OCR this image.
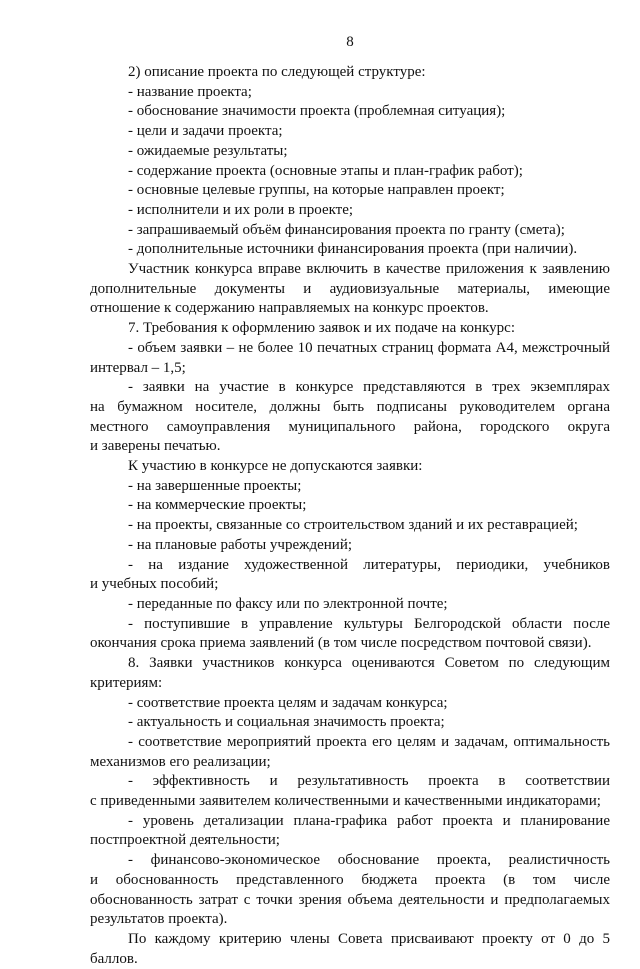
8
2) описание проекта по следующей структуре:
- название проекта;
- обоснование значимости проекта (проблемная ситуация);
- цели и задачи проекта;
- ожидаемые результаты;
- содержание проекта (основные этапы и план-график работ);
- основные целевые группы, на которые направлен проект;
- исполнители и их роли в проекте;
- запрашиваемый объём финансирования проекта по гранту (смета);
- дополнительные источники финансирования проекта (при наличии).
Участник конкурса вправе включить в качестве приложения к заявлению
дополнительные документы и аудиовизуальные материалы, имеющие
отношение к содержанию направляемых на конкурс проектов.
7. Требования к оформлению заявок и их подаче на конкурс:
- объем заявки – не более 10 печатных страниц формата А4, межстрочный
интервал – 1,5;
- заявки на участие в конкурсе представляются в трех экземплярах
на бумажном носителе, должны быть подписаны руководителем органа
местного самоуправления муниципального района, городского округа
и заверены печатью.
К участию в конкурсе не допускаются заявки:
- на завершенные проекты;
- на коммерческие проекты;
- на проекты, связанные со строительством зданий и их реставрацией;
- на плановые работы учреждений;
- на издание художественной литературы, периодики, учебников
и учебных пособий;
- переданные по факсу или по электронной почте;
- поступившие в управление культуры Белгородской области после
окончания срока приема заявлений (в том числе посредством почтовой связи).
8. Заявки участников конкурса оцениваются Советом по следующим
критериям:
- соответствие проекта целям и задачам конкурса;
- актуальность и социальная значимость проекта;
- соответствие мероприятий проекта его целям и задачам, оптимальность
механизмов его реализации;
- эффективность и результативность проекта в соответствии
с приведенными заявителем количественными и качественными индикаторами;
- уровень детализации плана-графика работ проекта и планирование
постпроектной деятельности;
- финансово-экономическое обоснование проекта, реалистичность
и обоснованность представленного бюджета проекта (в том числе
обоснованность затрат с точки зрения объема деятельности и предполагаемых
результатов проекта).
По каждому критерию члены Совета присваивают проекту от 0 до 5
баллов.
